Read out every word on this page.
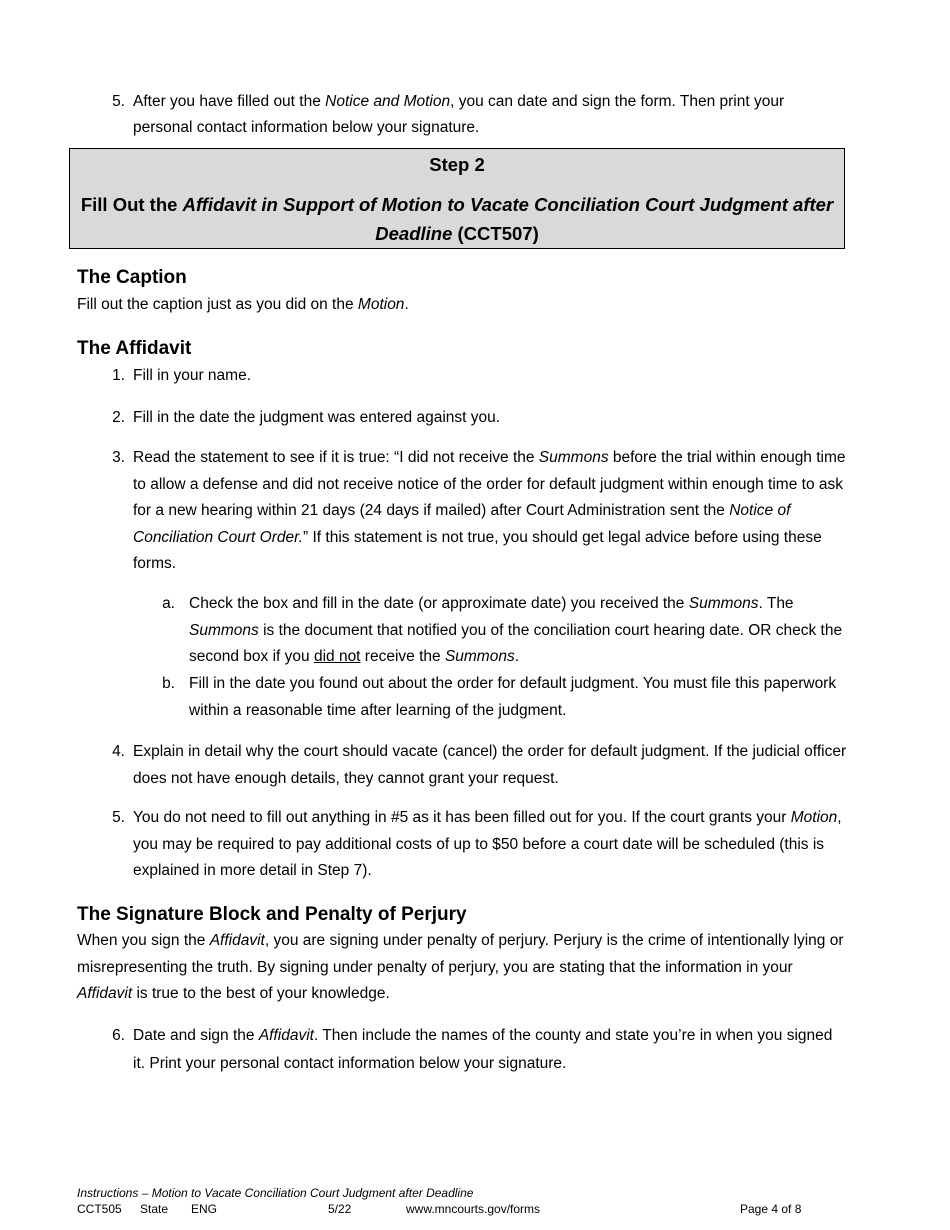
5. After you have filled out the Notice and Motion, you can date and sign the form. Then print your personal contact information below your signature.
Step 2
Fill Out the Affidavit in Support of Motion to Vacate Conciliation Court Judgment after Deadline (CCT507)
The Caption
Fill out the caption just as you did on the Motion.
The Affidavit
1. Fill in your name.
2. Fill in the date the judgment was entered against you.
3. Read the statement to see if it is true: “I did not receive the Summons before the trial within enough time to allow a defense and did not receive notice of the order for default judgment within enough time to ask for a new hearing within 21 days (24 days if mailed) after Court Administration sent the Notice of Conciliation Court Order.” If this statement is not true, you should get legal advice before using these forms.
a. Check the box and fill in the date (or approximate date) you received the Summons. The Summons is the document that notified you of the conciliation court hearing date. OR check the second box if you did not receive the Summons.
b. Fill in the date you found out about the order for default judgment. You must file this paperwork within a reasonable time after learning of the judgment.
4. Explain in detail why the court should vacate (cancel) the order for default judgment. If the judicial officer does not have enough details, they cannot grant your request.
5. You do not need to fill out anything in #5 as it has been filled out for you. If the court grants your Motion, you may be required to pay additional costs of up to $50 before a court date will be scheduled (this is explained in more detail in Step 7).
The Signature Block and Penalty of Perjury
When you sign the Affidavit, you are signing under penalty of perjury. Perjury is the crime of intentionally lying or misrepresenting the truth. By signing under penalty of perjury, you are stating that the information in your Affidavit is true to the best of your knowledge.
6. Date and sign the Affidavit. Then include the names of the county and state you’re in when you signed it. Print your personal contact information below your signature.
Instructions – Motion to Vacate Conciliation Court Judgment after Deadline
CCT505 State ENG	5/22	www.mncourts.gov/forms	Page 4 of 8
